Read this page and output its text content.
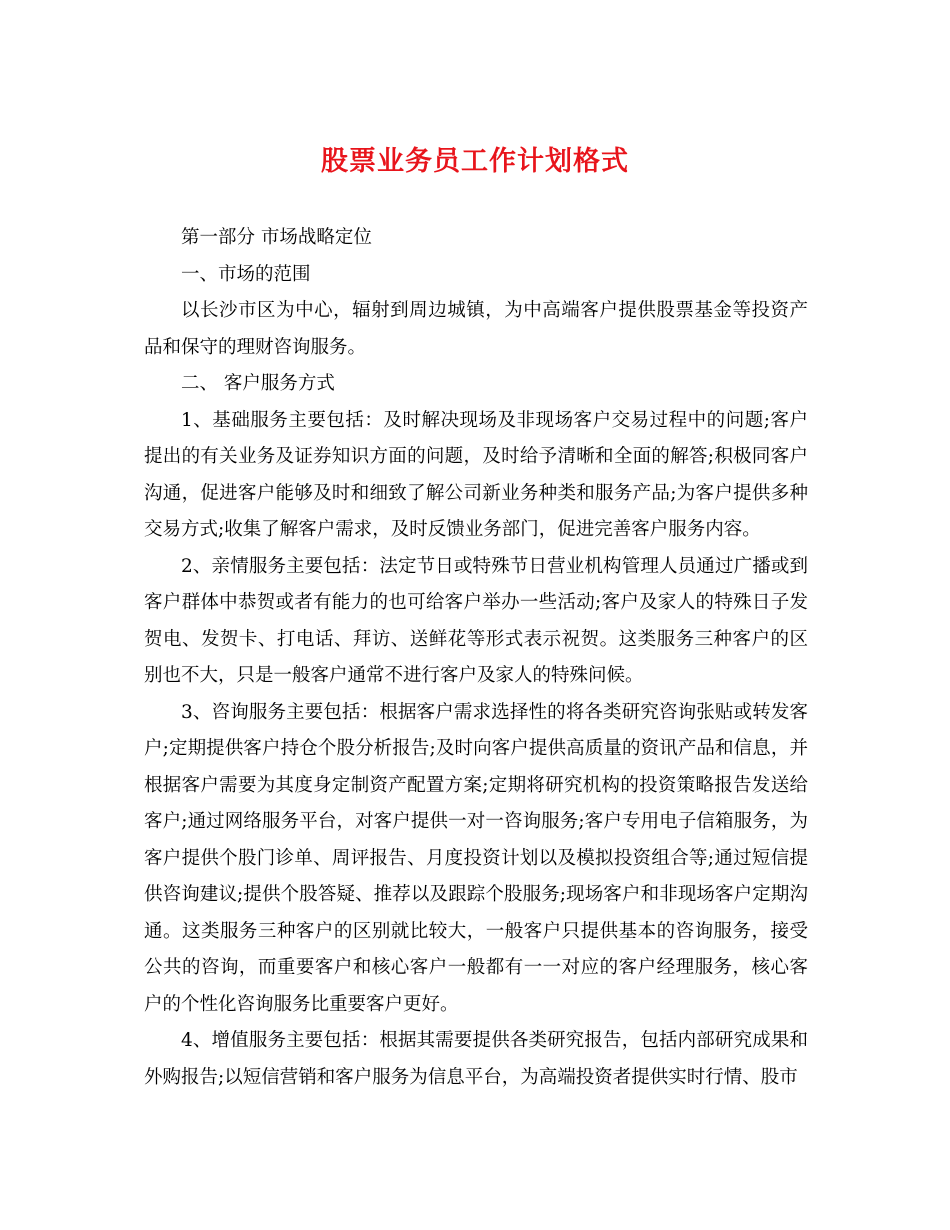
股票业务员工作计划格式

第一部分 市场战略定位

一、市场的范围

以长沙市区为中心，辐射到周边城镇，为中高端客户提供股票基金等投资产品和保守的理财咨询服务。

二、 客户服务方式

1、基础服务主要包括：及时解决现场及非现场客户交易过程中的问题;客户提出的有关业务及证券知识方面的问题，及时给予清晰和全面的解答;积极同客户沟通，促进客户能够及时和细致了解公司新业务种类和服务产品;为客户提供多种交易方式;收集了解客户需求，及时反馈业务部门，促进完善客户服务内容。

2、亲情服务主要包括：法定节日或特殊节日营业机构管理人员通过广播或到客户群体中恭贺或者有能力的也可给客户举办一些活动;客户及家人的特殊日子发贺电、发贺卡、打电话、拜访、送鲜花等形式表示祝贺。这类服务三种客户的区别也不大，只是一般客户通常不进行客户及家人的特殊问候。

3、咨询服务主要包括：根据客户需求选择性的将各类研究咨询张贴或转发客户;定期提供客户持仓个股分析报告;及时向客户提供高质量的资讯产品和信息，并根据客户需要为其度身定制资产配置方案;定期将研究机构的投资策略报告发送给客户;通过网络服务平台，对客户提供一对一咨询服务;客户专用电子信箱服务，为客户提供个股门诊单、周评报告、月度投资计划以及模拟投资组合等;通过短信提供咨询建议;提供个股答疑、推荐以及跟踪个股服务;现场客户和非现场客户定期沟通。这类服务三种客户的区别就比较大，一般客户只提供基本的咨询服务，接受公共的咨询，而重要客户和核心客户一般都有一一对应的客户经理服务，核心客户的个性化咨询服务比重要客户更好。

4、增值服务主要包括：根据其需要提供各类研究报告，包括内部研究成果和外购报告;以短信营销和客户服务为信息平台，为高端投资者提供实时行情、股市
